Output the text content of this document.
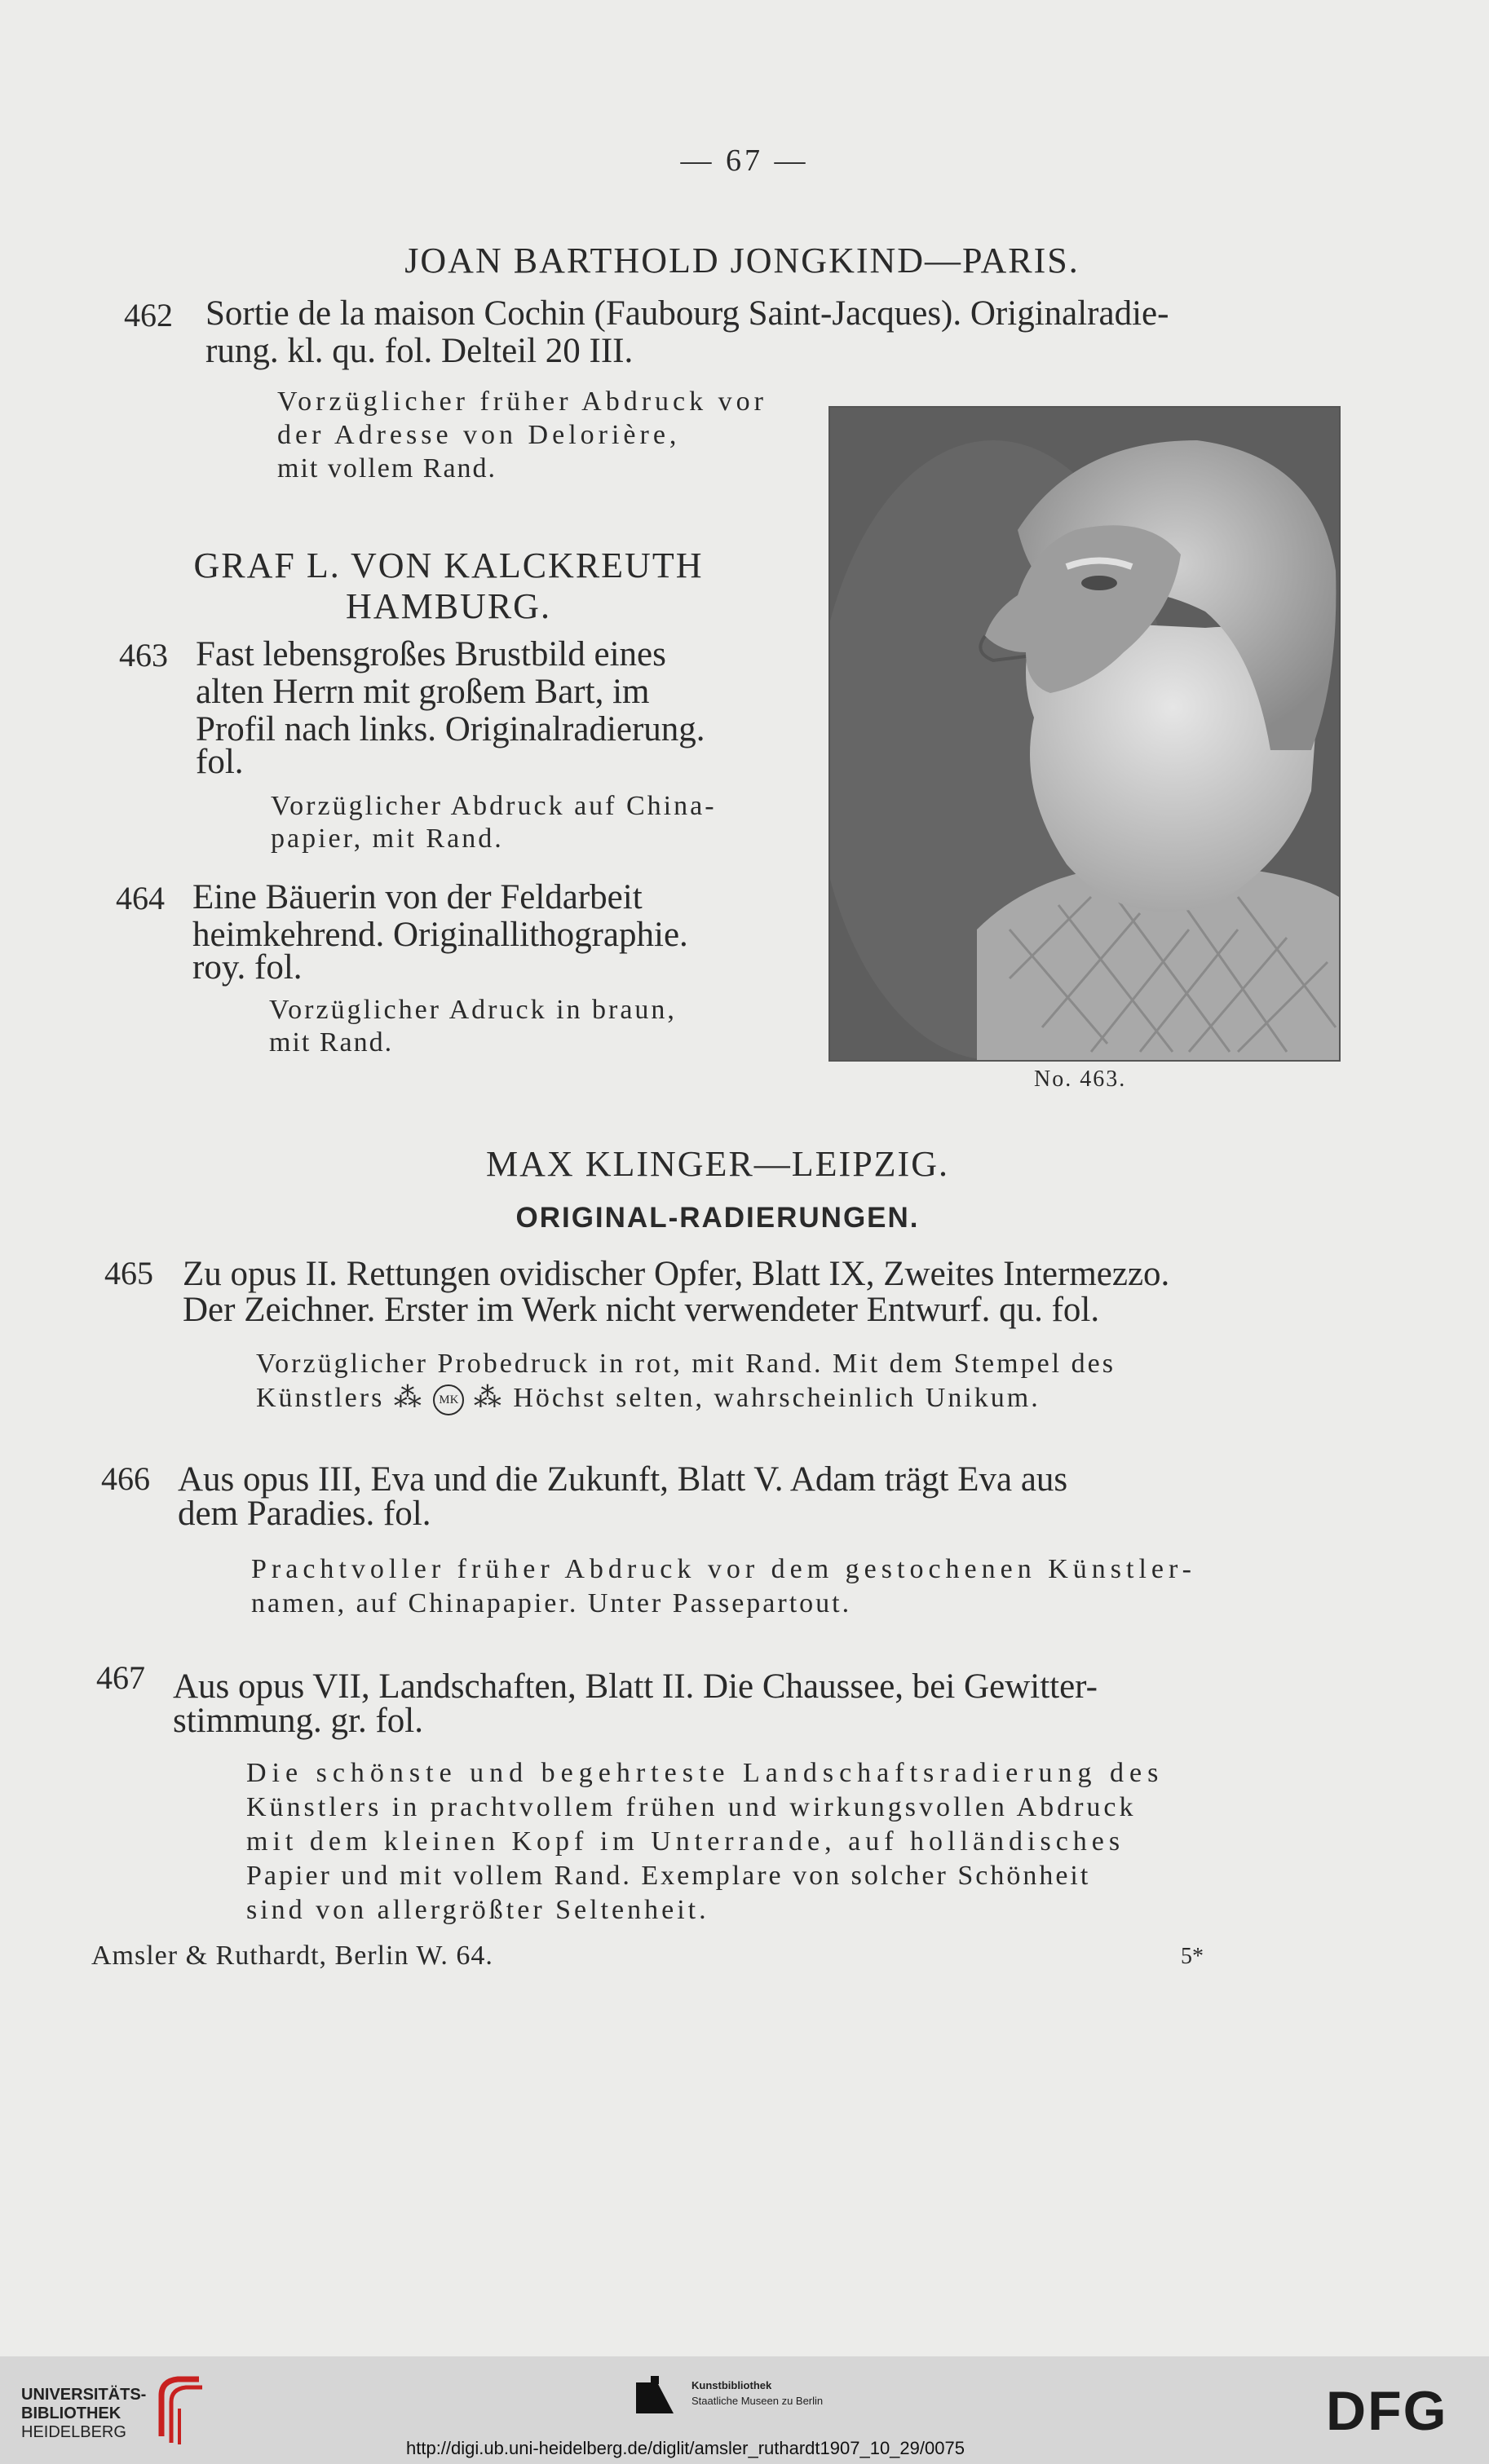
— 67 —
JOAN BARTHOLD JONGKIND—PARIS.
462 Sortie de la maison Cochin (Faubourg Saint-Jacques). Originalradie-
rung. kl. qu. fol. Delteil 20 III.
Vorzüglicher früher Abdruck vor
der Adresse von Delorière,
mit vollem Rand.
GRAF L. VON KALCKREUTH
HAMBURG.
463 Fast lebensgroßes Brustbild eines
alten Herrn mit großem Bart, im
Profil nach links. Originalradierung.
fol.
Vorzüglicher Abdruck auf China-
papier, mit Rand.
464 Eine Bäuerin von der Feldarbeit
heimkehrend. Originallithographie.
roy. fol.
Vorzüglicher Adruck in braun,
mit Rand.
No. 463.
MAX KLINGER—LEIPZIG.
ORIGINAL-RADIERUNGEN.
465 Zu opus II. Rettungen ovidischer Opfer, Blatt IX, Zweites Intermezzo.
Der Zeichner. Erster im Werk nicht verwendeter Entwurf. qu. fol.
Vorzüglicher Probedruck in rot, mit Rand. Mit dem Stempel des
Künstlers ⁂ MK ⁂ Höchst selten, wahrscheinlich Unikum.
466 Aus opus III, Eva und die Zukunft, Blatt V. Adam trägt Eva aus
dem Paradies. fol.
Prachtvoller früher Abdruck vor dem gestochenen Künstler-
namen, auf Chinapapier. Unter Passepartout.
467 Aus opus VII, Landschaften, Blatt II. Die Chaussee, bei Gewitter-
stimmung. gr. fol.
Die schönste und begehrteste Landschaftsradierung des
Künstlers in prachtvollem frühen und wirkungsvollen Abdruck
mit dem kleinen Kopf im Unterrande, auf holländisches
Papier und mit vollem Rand. Exemplare von solcher Schönheit
sind von allergrößter Seltenheit.
Amsler & Ruthardt, Berlin W. 64.	5*
UNIVERSITÄTS-
BIBLIOTHEK
HEIDELBERG
Kunstbibliothek
Staatliche Museen zu Berlin	DFG
http://digi.ub.uni-heidelberg.de/diglit/amsler_ruthardt1907_10_29/0075
